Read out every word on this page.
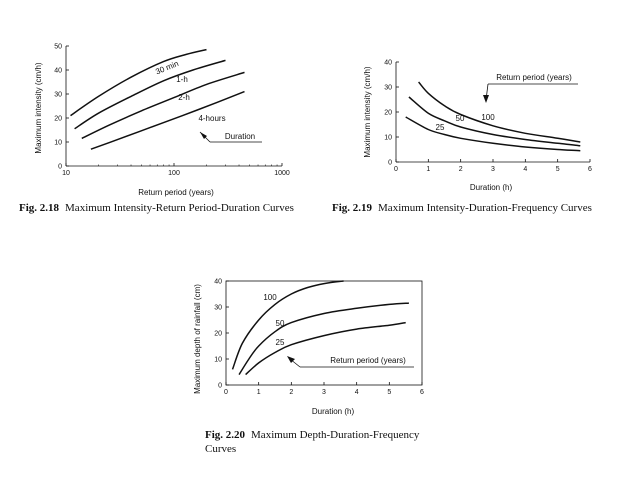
10	100	1000
0
10
20
30
40
50
Return period (years)
Maximum intensity (cm/h)	30 min
1-h
2-h
4-hours
Duration
Fig. 2.18 Maximum Intensity-Return Period-Duration Curves
0	1	2	3	4	5	6
0
10
20
30
40
Duration (h)
Maximum intensity (cm/h)	100
50
25
Return period (years)
Fig. 2.19 Maximum Intensity-Duration-Frequency Curves
0	1	2	3	4	5	6
0
10
20
30
40
Duration (h)
Maximum depth of rainfall (cm)	100
50
25
Return period (years)
Fig. 2.20 Maximum Depth-Duration-Frequency Curves
